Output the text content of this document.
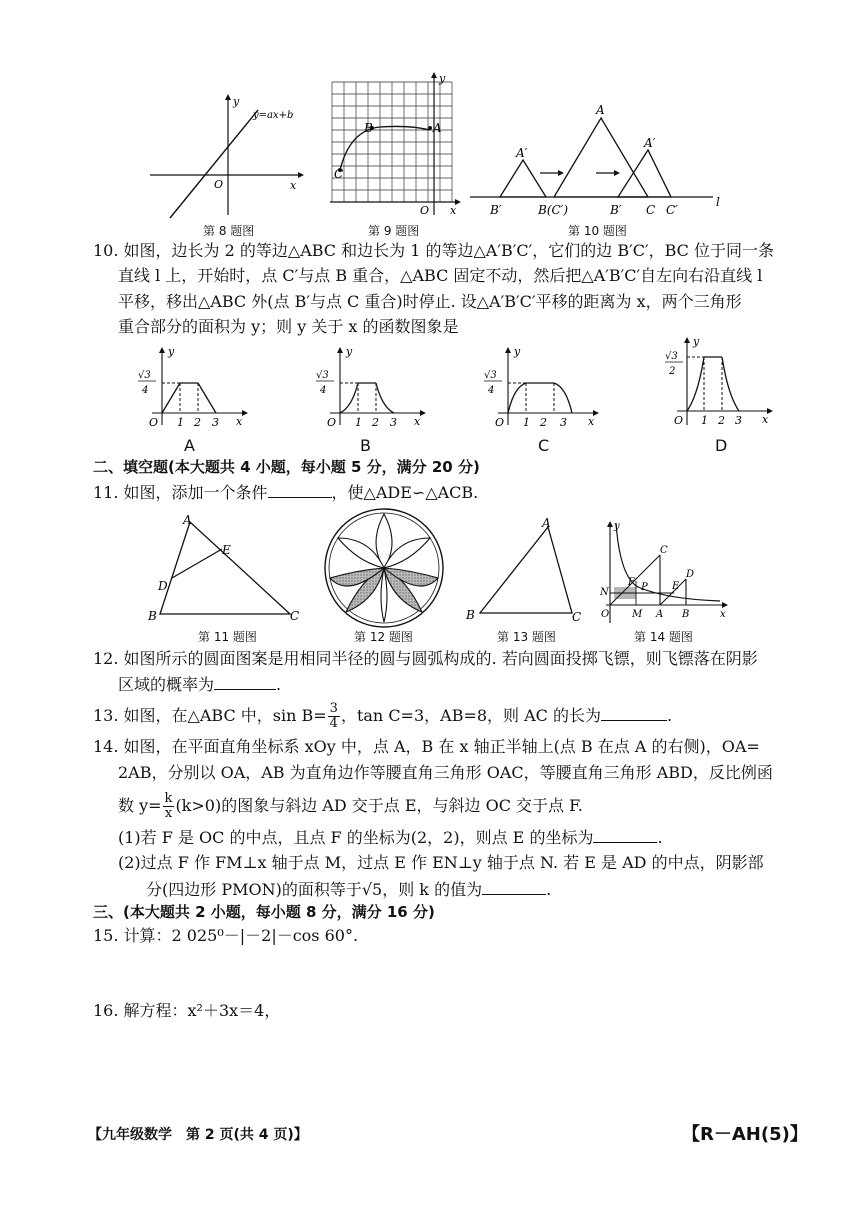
y
x
O
y=ax+b
第 8 题图
y
x
O
B	A
C
第 9 题图
A
A′
A′
B′	B(C′)	B′ C C′
l
第 10 题图
10. 如图，边长为 2 的等边△ABC 和边长为 1 的等边△A′B′C′，它们的边 B′C′，BC 位于同一条
直线 l 上，开始时，点 C′与点 B 重合，△ABC 固定不动，然后把△A′B′C′自左向右沿直线 l
平移，移出△ABC 外(点 B′与点 C 重合)时停止. 设△A′B′C′平移的距离为 x，两个三角形
重合部分的面积为 y；则 y 关于 x 的函数图象是
y
x
O 1 2 3
√3
4
A
y
x
O 1 2 3
√3
4
B
y
x
O 1 2 3
√3
4
C
y
x
O 1 2 3
√3
2
D
二、填空题(本大题共 4 小题，每小题 5 分，满分 20 分)
11. 如图，添加一个条件	，使△ADE∽△ACB.
A
E
D
B	C
第 11 题图	第 12 题图
A
B	C
第 13 题图
y
x
O
N
F P
C
D
E
M A B
第 14 题图
12. 如图所示的圆面图案是用相同半径的圆与圆弧构成的. 若向圆面投掷飞镖，则飞镖落在阴影
区域的概率为	.
13. 如图，在△ABC 中，$\sin B= \frac{3}{4}$ ，tan C=3，AB=8，则 AC 的长为	.
14. 如图，在平面直角坐标系 xOy 中，点 A，B 在 x 轴正半轴上(点 B 在点 A 的右侧)，OA=
2AB，分别以 OA，AB 为直角边作等腰直角三角形 OAC，等腰直角三角形 ABD，反比例函
数 $y= \frac{k}{x} (k>0)$的图象与斜边 AD 交于点 E，与斜边 OC 交于点 F.
(1)若 F 是 OC 的中点，且点 F 的坐标为(2，2)，则点 E 的坐标为	.
(2)过点 F 作 FM⊥x 轴于点 M，过点 E 作 EN⊥y 轴于点 N. 若 E 是 AD 的中点，阴影部
分(四边形 PMON)的面积等于√5，则 k 的值为	.
三、(本大题共 2 小题，每小题 8 分，满分 16 分)
15. 计算：2 025⁰－|－2|－cos 60°.
16. 解方程：x²＋3x＝4，
【九年级数学　第 2 页(共 4 页)】	【R－AH(5)】
